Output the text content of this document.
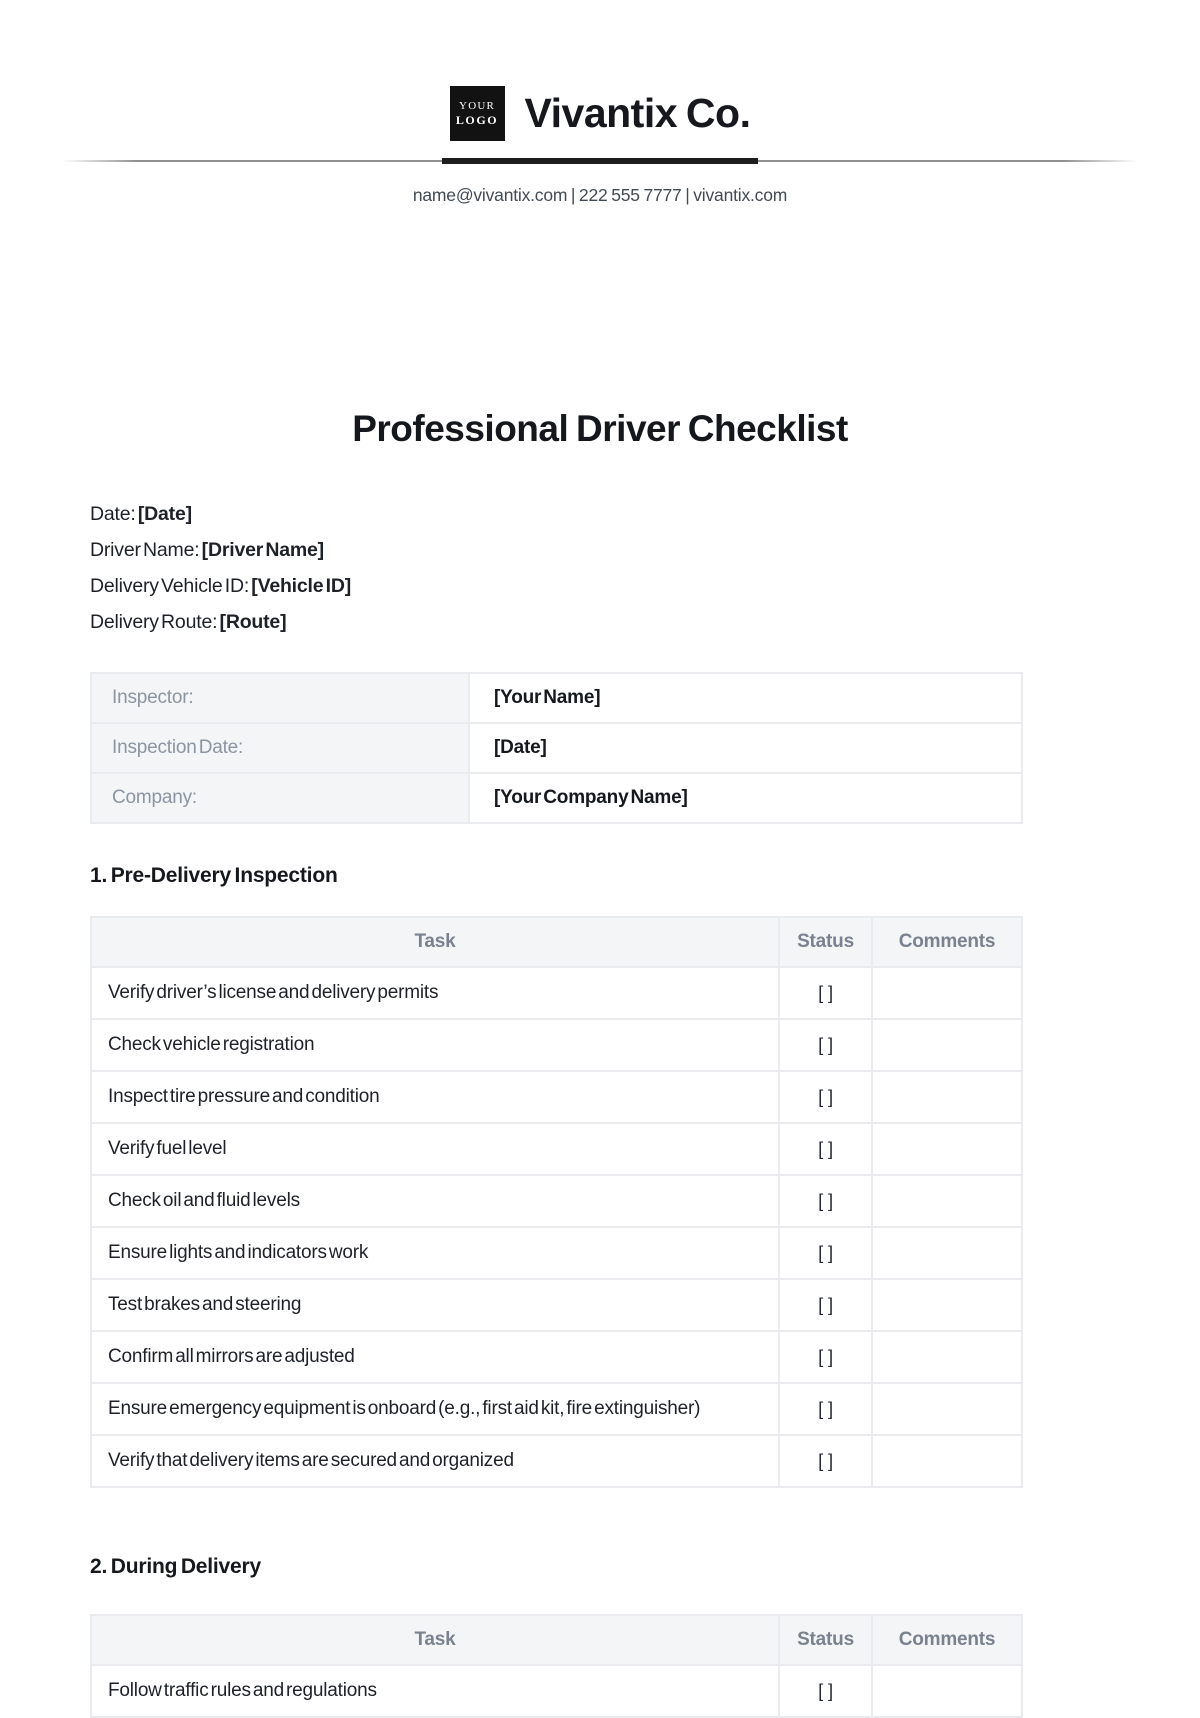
YOUR
LOGO Vivantix Co.
name@vivantix.com | 222 555 7777 | vivantix.com
Professional Driver Checklist
Date: [Date]
Driver Name: [Driver Name]
Delivery Vehicle ID: [Vehicle ID]
Delivery Route: [Route]
Inspector:	[Your Name]
Inspection Date:	[Date]
Company:	[Your Company Name]
1. Pre-Delivery Inspection
Task	Status	Comments

Verify driver’s license and delivery permits	[ ]	

Check vehicle registration	[ ]	

Inspect tire pressure and condition	[ ]	

Verify fuel level	[ ]	

Check oil and fluid levels	[ ]	

Ensure lights and indicators work	[ ]	

Test brakes and steering	[ ]	

Confirm all mirrors are adjusted	[ ]	

Ensure emergency equipment is onboard (e.g., first aid kit, fire extinguisher)	[ ]	

Verify that delivery items are secured and organized	[ ]	
2. During Delivery
Task	Status	Comments

Follow traffic rules and regulations	[ ]	
